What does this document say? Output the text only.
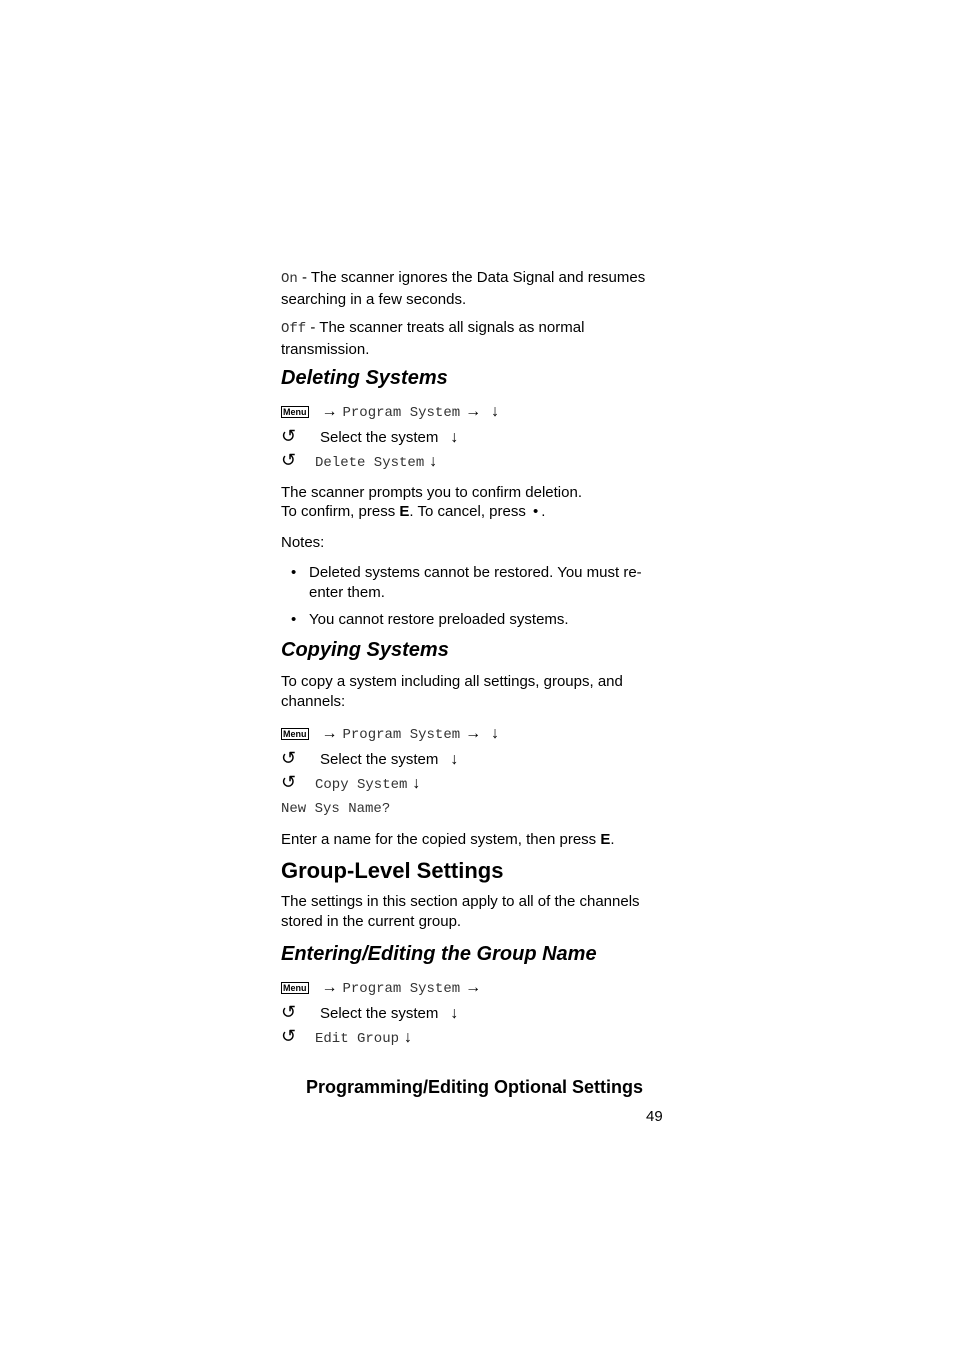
On - The scanner ignores the Data Signal and resumes searching in a few seconds.

Off - The scanner treats all signals as normal transmission.

Deleting Systems
Menu → Program System → ↓
↺ Select the system ↓
↺ Delete System ↓

The scanner prompts you to confirm deletion.

To confirm, press E. To cancel, press • .

Notes:

• Deleted systems cannot be restored. You must re-enter them.
• You cannot restore preloaded systems.
Copying Systems

To copy a system including all settings, groups, and channels:

Menu → Program System → ↓
↺ Select the system ↓
↺ Copy System ↓
New Sys Name?

Enter a name for the copied system, then press E.

Group-Level Settings

The settings in this section apply to all of the channels stored in the current group.

Entering/Editing the Group Name
Menu → Program System →
↺ Select the system ↓
↺ Edit Group ↓
Programming/Editing Optional Settings
49
